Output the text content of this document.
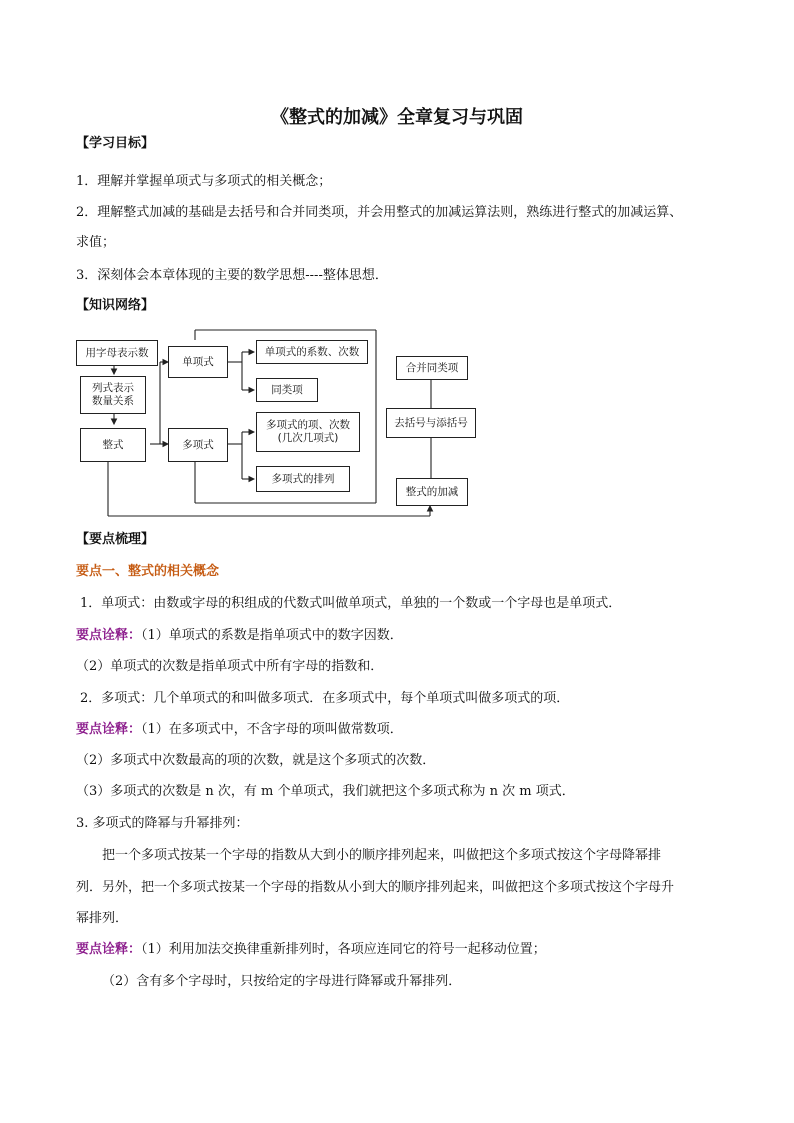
《整式的加减》全章复习与巩固
【学习目标】
1．理解并掌握单项式与多项式的相关概念；
2．理解整式加减的基础是去括号和合并同类项，并会用整式的加减运算法则，熟练进行整式的加减运算、
求值；
3．深刻体会本章体现的主要的数学思想----整体思想．
【知识网络】
用字母表示数
列式表示
数量关系
整式
单项式
多项式
单项式的系数、次数
同类项
多项式的项、次数
(几次几项式)
多项式的排列
合并同类项
去括号与添括号
整式的加减
【要点梳理】
要点一、整式的相关概念
1．单项式：由数或字母的积组成的代数式叫做单项式，单独的一个数或一个字母也是单项式．
要点诠释：（1）单项式的系数是指单项式中的数字因数．
（2）单项式的次数是指单项式中所有字母的指数和．
2．多项式：几个单项式的和叫做多项式．在多项式中，每个单项式叫做多项式的项．
要点诠释：（1）在多项式中，不含字母的项叫做常数项．
（2）多项式中次数最高的项的次数，就是这个多项式的次数．
（3）多项式的次数是 n 次，有 m 个单项式，我们就把这个多项式称为 n 次 m 项式．
3. 多项式的降幂与升幂排列：
把一个多项式按某一个字母的指数从大到小的顺序排列起来，叫做把这个多项式按这个字母降幂排
列．另外，把一个多项式按某一个字母的指数从小到大的顺序排列起来，叫做把这个多项式按这个字母升
幂排列．
要点诠释：（1）利用加法交换律重新排列时，各项应连同它的符号一起移动位置；
（2）含有多个字母时，只按给定的字母进行降幂或升幂排列．
